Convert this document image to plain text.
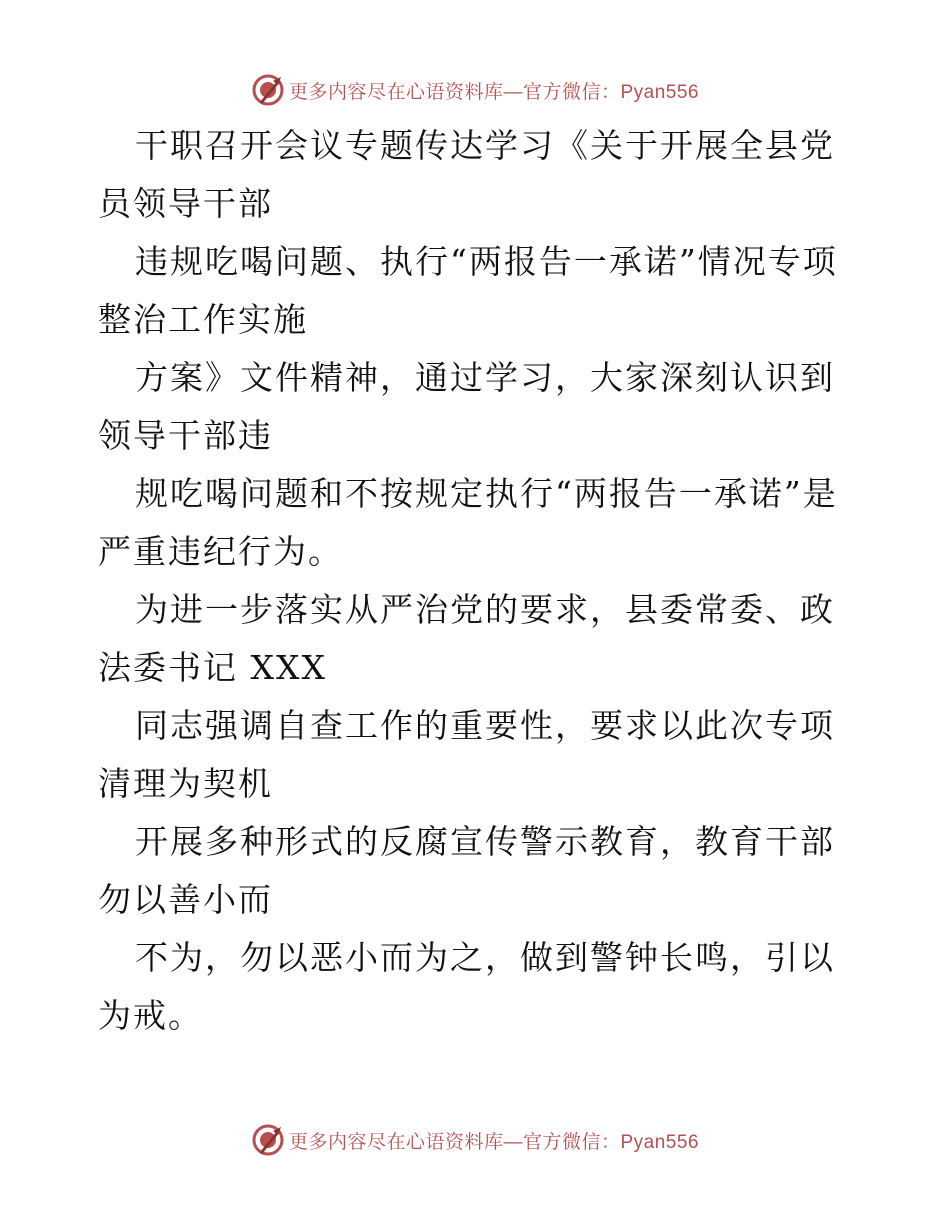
更多内容尽在心语资料库—官方微信：Pyan556

干职召开会议专题传达学习《关于开展全县党员领导干部

违规吃喝问题、执行“两报告一承诺”情况专项整治工作实施

方案》文件精神，通过学习，大家深刻认识到领导干部违

规吃喝问题和不按规定执行“两报告一承诺”是严重违纪行为。

为进一步落实从严治党的要求，县委常委、政法委书记 XXX

同志强调自查工作的重要性，要求以此次专项清理为契机

开展多种形式的反腐宣传警示教育，教育干部勿以善小而

不为，勿以恶小而为之，做到警钟长鸣，引以为戒。

更多内容尽在心语资料库—官方微信：Pyan556
